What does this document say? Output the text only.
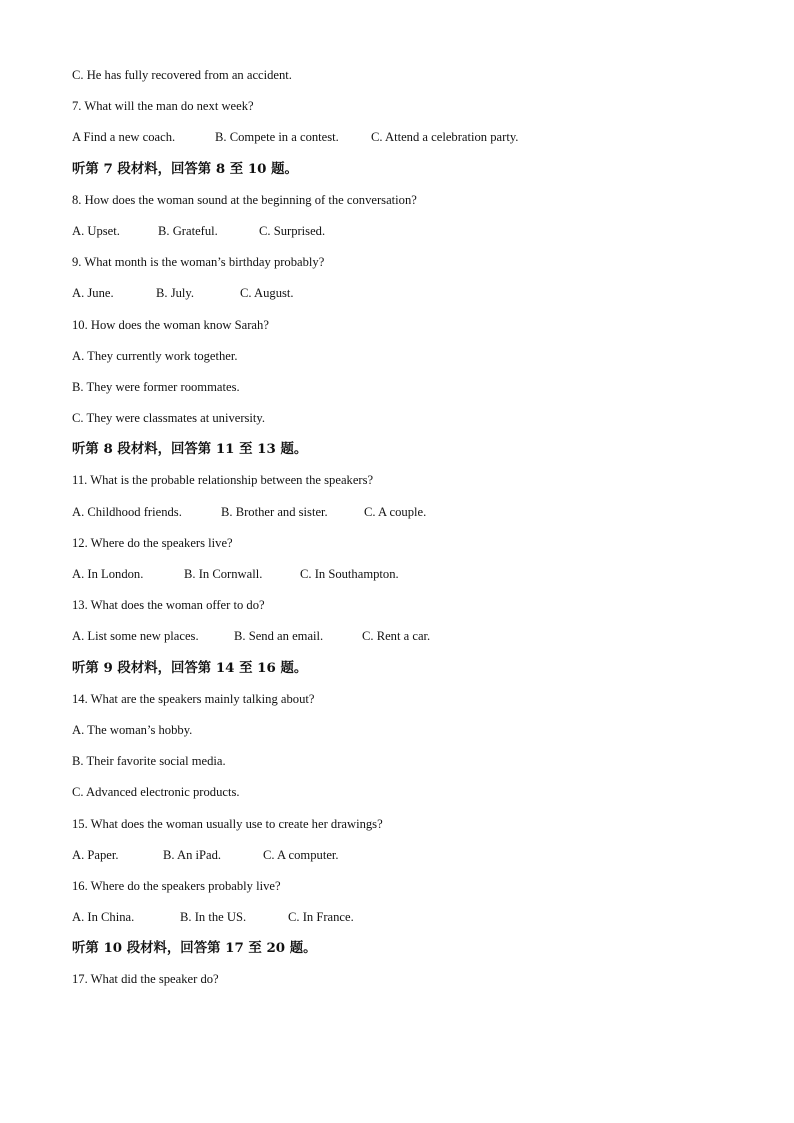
C. He has fully recovered from an accident.
7. What will the man do next week?
A Find a new coach.	B. Compete in a contest.	C. Attend a celebration party.
听第 7 段材料，回答第 8 至 10 题。
8. How does the woman sound at the beginning of the conversation?
A. Upset.	B. Grateful.	C. Surprised.
9. What month is the woman’s birthday probably?
A. June.	B. July.	C. August.
10. How does the woman know Sarah?
A. They currently work together.
B. They were former roommates.
C. They were classmates at university.
听第 8 段材料，回答第 11 至 13 题。
11. What is the probable relationship between the speakers?
A. Childhood friends.	B. Brother and sister.	C. A couple.
12. Where do the speakers live?
A. In London.	B. In Cornwall.	C. In Southampton.
13. What does the woman offer to do?
A. List some new places.	B. Send an email.	C. Rent a car.
听第 9 段材料，回答第 14 至 16 题。
14. What are the speakers mainly talking about?
A. The woman’s hobby.
B. Their favorite social media.
C. Advanced electronic products.
15. What does the woman usually use to create her drawings?
A. Paper.	B. An iPad.	C. A computer.
16. Where do the speakers probably live?
A. In China.	B. In the US.	C. In France.
听第 10 段材料，回答第 17 至 20 题。
17. What did the speaker do?
